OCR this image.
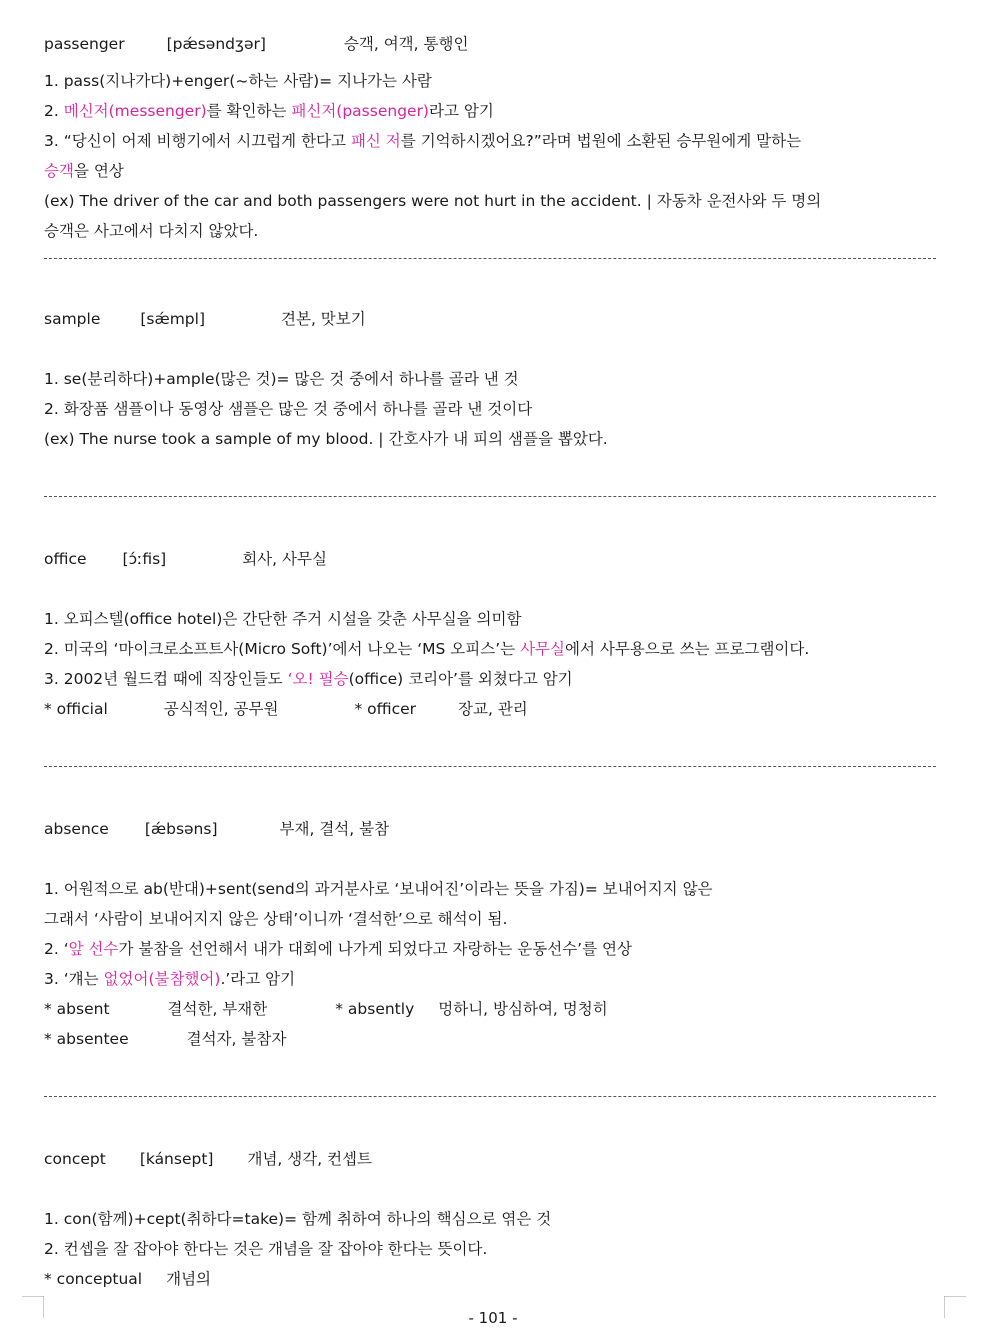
passenger	[pǽsəndʒər]	승객, 여객, 통행인
1. pass(지나가다)+enger(~하는 사람)= 지나가는 사람
2. 메신저(messenger)를 확인하는 패신저(passenger)라고 암기
3. “당신이 어제 비행기에서 시끄럽게 한다고 패신 저를 기억하시겠어요?”라며 법원에 소환된 승무원에게 말하는
승객을 연상
(ex) The driver of the car and both passengers were not hurt in the accident. | 자동차 운전사와 두 명의
승객은 사고에서 다치지 않았다.
sample	[sǽmpl]	견본, 맛보기
1. se(분리하다)+ample(많은 것)= 많은 것 중에서 하나를 골라 낸 것
2. 화장품 샘플이나 동영상 샘플은 많은 것 중에서 하나를 골라 낸 것이다
(ex) The nurse took a sample of my blood. | 간호사가 내 피의 샘플을 뽑았다.
office [ɔ́ːfis]	회사, 사무실
1. 오피스텔(office hotel)은 간단한 주거 시설을 갖춘 사무실을 의미함
2. 미국의 ‘마이크로소프트사(Micro Soft)’에서 나오는 ‘MS 오피스’는 사무실에서 사무용으로 쓰는 프로그램이다.
3. 2002년 월드컵 때에 직장인들도 ‘오! 필승(office) 코리아’를 외쳤다고 암기
* official	공식적인, 공무원	* officer	장교, 관리
absence [ǽbsəns]	부재, 결석, 불참
1. 어원적으로 ab(반대)+sent(send의 과거분사로 ‘보내어진’이라는 뜻을 가짐)= 보내어지지 않은
그래서 ‘사람이 보내어지지 않은 상태’이니까 ‘결석한’으로 해석이 됨.
2. ‘앞 선수가 불참을 선언해서 내가 대회에 나가게 되었다고 자랑하는 운동선수’를 연상
3. ‘걔는 없었어(불참했어).’라고 암기
* absent	결석한, 부재한	* absently 멍하니, 방심하여, 멍청히
* absentee	결석자, 불참자
concept [kánsept] 개념, 생각, 컨셉트
1. con(함께)+cept(취하다=take)= 함께 취하여 하나의 핵심으로 엮은 것
2. 컨셉을 잘 잡아야 한다는 것은 개념을 잘 잡아야 한다는 뜻이다.
* conceptual 개념의
- 101 -
